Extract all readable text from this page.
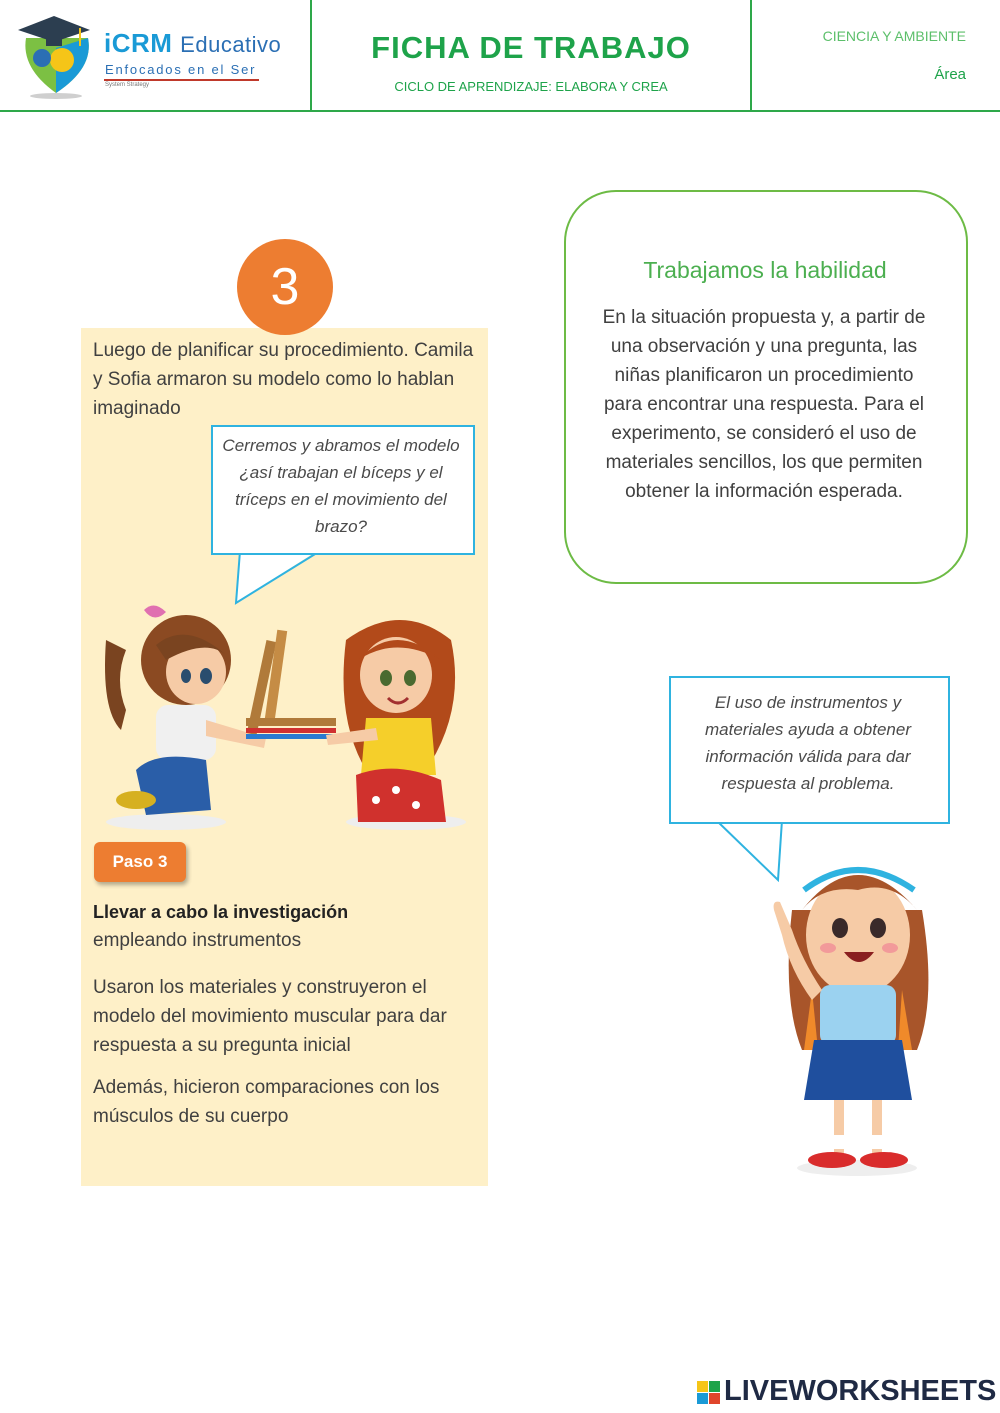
iCRM Educativo
Enfocados en el Ser
System Strategy
FICHA DE TRABAJO
CICLO DE APRENDIZAJE: ELABORA Y CREA
CIENCIA Y AMBIENTE
Área
3
Luego de planificar su procedimiento. Camila y Sofia armaron su modelo como lo hablan imaginado
Cerremos y abramos el modelo ¿así trabajan el bíceps y el tríceps en el movimiento del brazo?
Paso 3
Llevar a cabo la investigación
empleando instrumentos
Usaron los materiales y construyeron el modelo del movimiento muscular para dar respuesta a su pregunta inicial
Además, hicieron comparaciones con los músculos de su cuerpo
Trabajamos la habilidad
En la situación propuesta y, a partir de una observación y una pregunta, las niñas planificaron un procedimiento para encontrar una respuesta. Para el experimento, se consideró el uso de materiales sencillos, los que permiten obtener la información esperada.
El uso de instrumentos y materiales ayuda a obtener información válida para dar respuesta al problema.
LIVEWORKSHEETS
